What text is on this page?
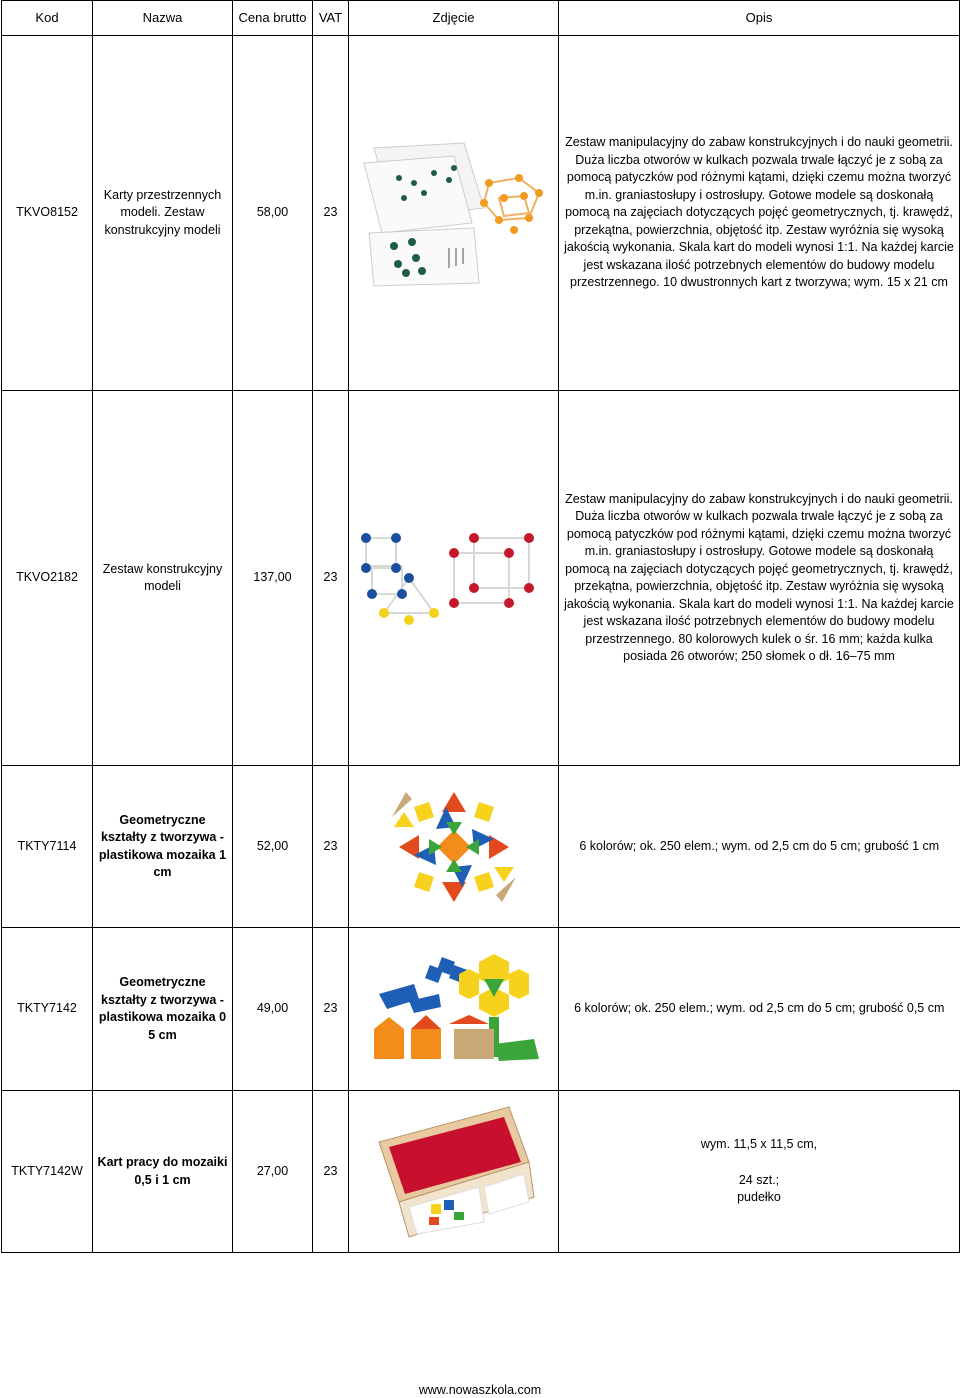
Kod	Nazwa	Cena brutto	VAT	Zdjęcie	Opis
TKVO8152	Karty przestrzennych modeli. Zestaw konstrukcyjny modeli	58,00	23		Zestaw manipulacyjny do zabaw konstrukcyjnych i do nauki geometrii. Duża liczba otworów w kulkach pozwala trwale łączyć je z sobą za pomocą patyczków pod różnymi kątami, dzięki czemu można tworzyć m.in. graniastosłupy i ostrosłupy. Gotowe modele są doskonałą pomocą na zajęciach dotyczących pojęć geometrycznych, tj. krawędź, przekątna, powierzchnia, objętość itp. Zestaw wyróżnia się wysoką jakością wykonania. Skala kart do modeli wynosi 1:1. Na każdej karcie jest wskazana ilość potrzebnych elementów do budowy modelu przestrzennego. 10 dwustronnych kart z tworzywa; wym. 15 x 21 cm
TKVO2182	Zestaw konstrukcyjny modeli	137,00	23		Zestaw manipulacyjny do zabaw konstrukcyjnych i do nauki geometrii. Duża liczba otworów w kulkach pozwala trwale łączyć je z sobą za pomocą patyczków pod różnymi kątami, dzięki czemu można tworzyć m.in. graniastosłupy i ostrosłupy. Gotowe modele są doskonałą pomocą na zajęciach dotyczących pojęć geometrycznych, tj. krawędź, przekątna, powierzchnia, objętość itp. Zestaw wyróżnia się wysoką jakością wykonania. Skala kart do modeli wynosi 1:1. Na każdej karcie jest wskazana ilość potrzebnych elementów do budowy modelu przestrzennego. 80 kolorowych kulek o śr. 16 mm; każda kulka posiada 26 otworów; 250 słomek o dł. 16–75 mm
TKTY7114	Geometryczne kształty z tworzywa - plastikowa mozaika 1 cm	52,00	23		6 kolorów; ok. 250 elem.; wym. od 2,5 cm do 5 cm; grubość 1 cm
TKTY7142	Geometryczne kształty z tworzywa - plastikowa mozaika 0 5 cm	49,00	23		6 kolorów; ok. 250 elem.; wym. od 2,5 cm do 5 cm; grubość 0,5 cm
TKTY7142W	Kart pracy do mozaiki 0,5 i 1 cm	27,00	23		wym. 11,5 x 11,5 cm,
24 szt.;
pudełko
www.nowaszkola.com
